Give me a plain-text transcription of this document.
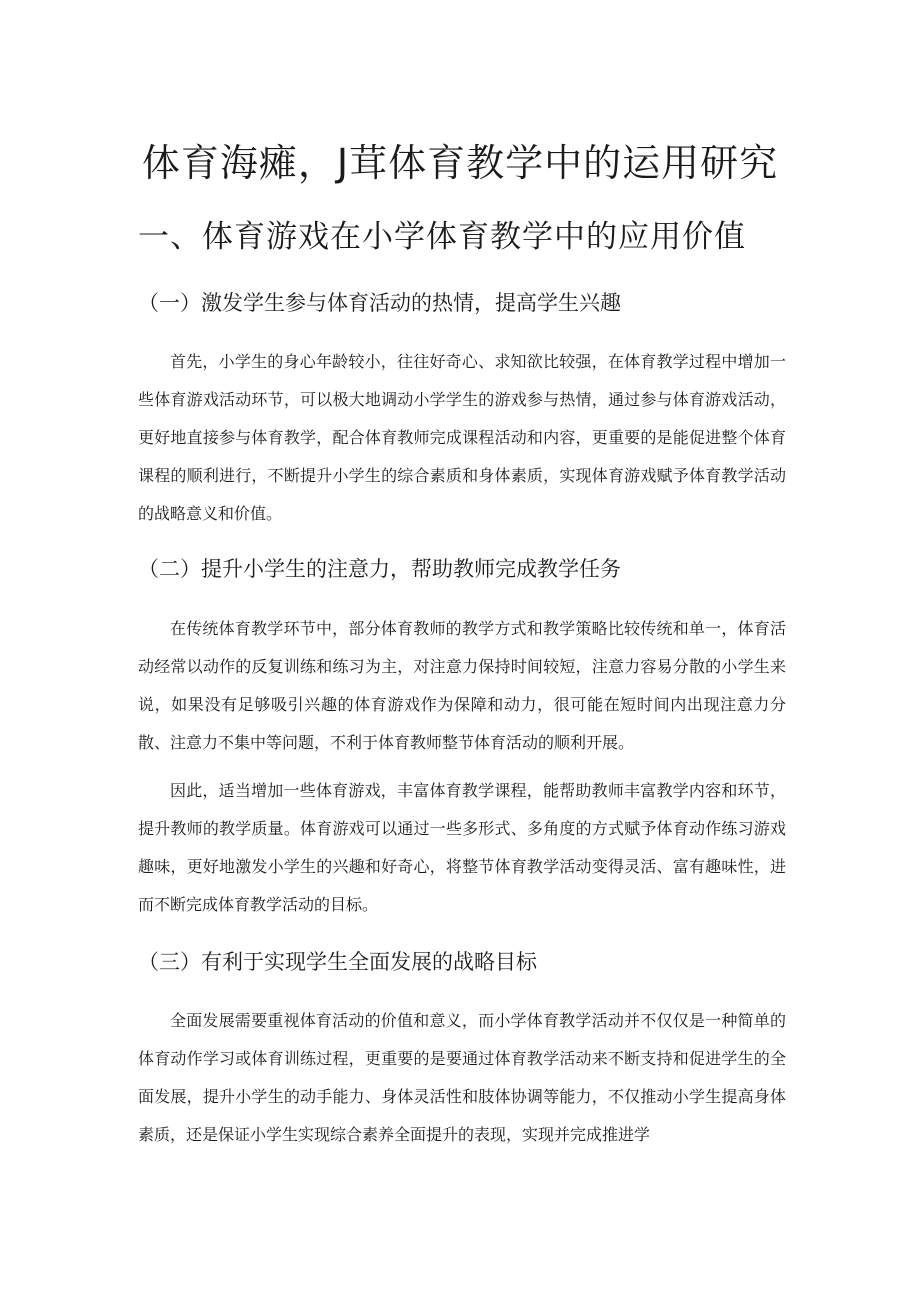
体育海瘫，J茸体育教学中的运用研究
一、体育游戏在小学体育教学中的应用价值
（一）激发学生参与体育活动的热情，提高学生兴趣

首先，小学生的身心年龄较小，往往好奇心、求知欲比较强，在体育教学过程中增加一些体育游戏活动环节，可以极大地调动小学学生的游戏参与热情，通过参与体育游戏活动，更好地直接参与体育教学，配合体育教师完成课程活动和内容，更重要的是能促进整个体育课程的顺利进行，不断提升小学生的综合素质和身体素质，实现体育游戏赋予体育教学活动的战略意义和价值。

（二）提升小学生的注意力，帮助教师完成教学任务

在传统体育教学环节中，部分体育教师的教学方式和教学策略比较传统和单一，体育活动经常以动作的反复训练和练习为主，对注意力保持时间较短，注意力容易分散的小学生来说，如果没有足够吸引兴趣的体育游戏作为保障和动力，很可能在短时间内出现注意力分散、注意力不集中等问题，不利于体育教师整节体育活动的顺利开展。

因此，适当增加一些体育游戏，丰富体育教学课程，能帮助教师丰富教学内容和环节，提升教师的教学质量。体育游戏可以通过一些多形式、多角度的方式赋予体育动作练习游戏趣味，更好地激发小学生的兴趣和好奇心，将整节体育教学活动变得灵活、富有趣味性，进而不断完成体育教学活动的目标。

（三）有利于实现学生全面发展的战略目标

全面发展需要重视体育活动的价值和意义，而小学体育教学活动并不仅仅是一种简单的体育动作学习或体育训练过程，更重要的是要通过体育教学活动来不断支持和促进学生的全面发展，提升小学生的动手能力、身体灵活性和肢体协调等能力，不仅推动小学生提高身体素质，还是保证小学生实现综合素养全面提升的表现，实现并完成推进学
